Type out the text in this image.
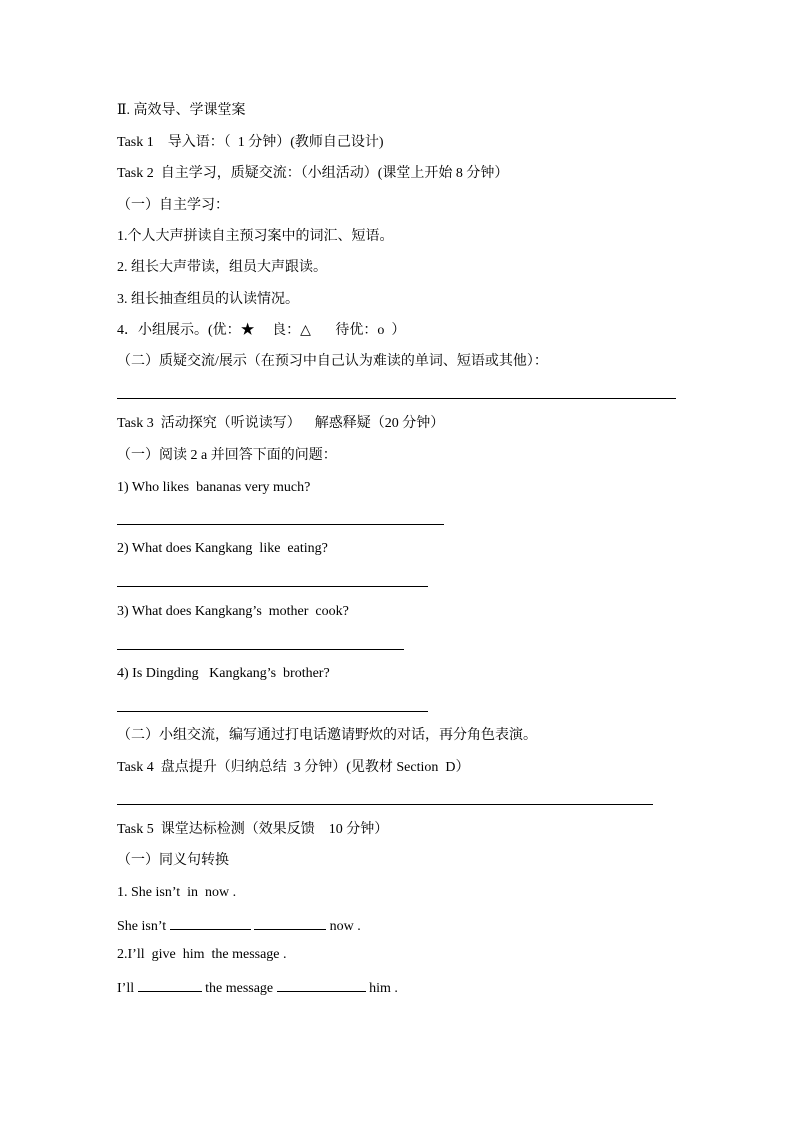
Ⅱ. 高效导、学课堂案
Task 1    导入语：（  1 分钟）(教师自己设计)
Task 2  自主学习，质疑交流：（小组活动）(课堂上开始 8 分钟）
（一）自主学习：
1.个人大声拼读自主预习案中的词汇、短语。
2. 组长大声带读，组员大声跟读。
3. 组长抽查组员的认读情况。
4．小组展示。(优：★     良：△       待优：o  ）
（二）质疑交流/展示（在预习中自己认为难读的单词、短语或其他）：
Task 3  活动探究（听说读写）    解惑释疑（20 分钟）
（一）阅读 2 a 并回答下面的问题：
1) Who likes  bananas very much?
2) What does Kangkang  like  eating?
3) What does Kangkang’s  mother  cook?
4) Is Dingding   Kangkang’s  brother?
（二）小组交流，编写通过打电话邀请野炊的对话，再分角色表演。
Task 4  盘点提升（归纳总结  3 分钟）(见教材 Section  D）
Task 5  课堂达标检测（效果反馈    10 分钟）
（一）同义句转换
1. She isn’t  in  now .
She isn’t	now .
2.I’ll  give  him  the message .
I’ll	the message	him .
